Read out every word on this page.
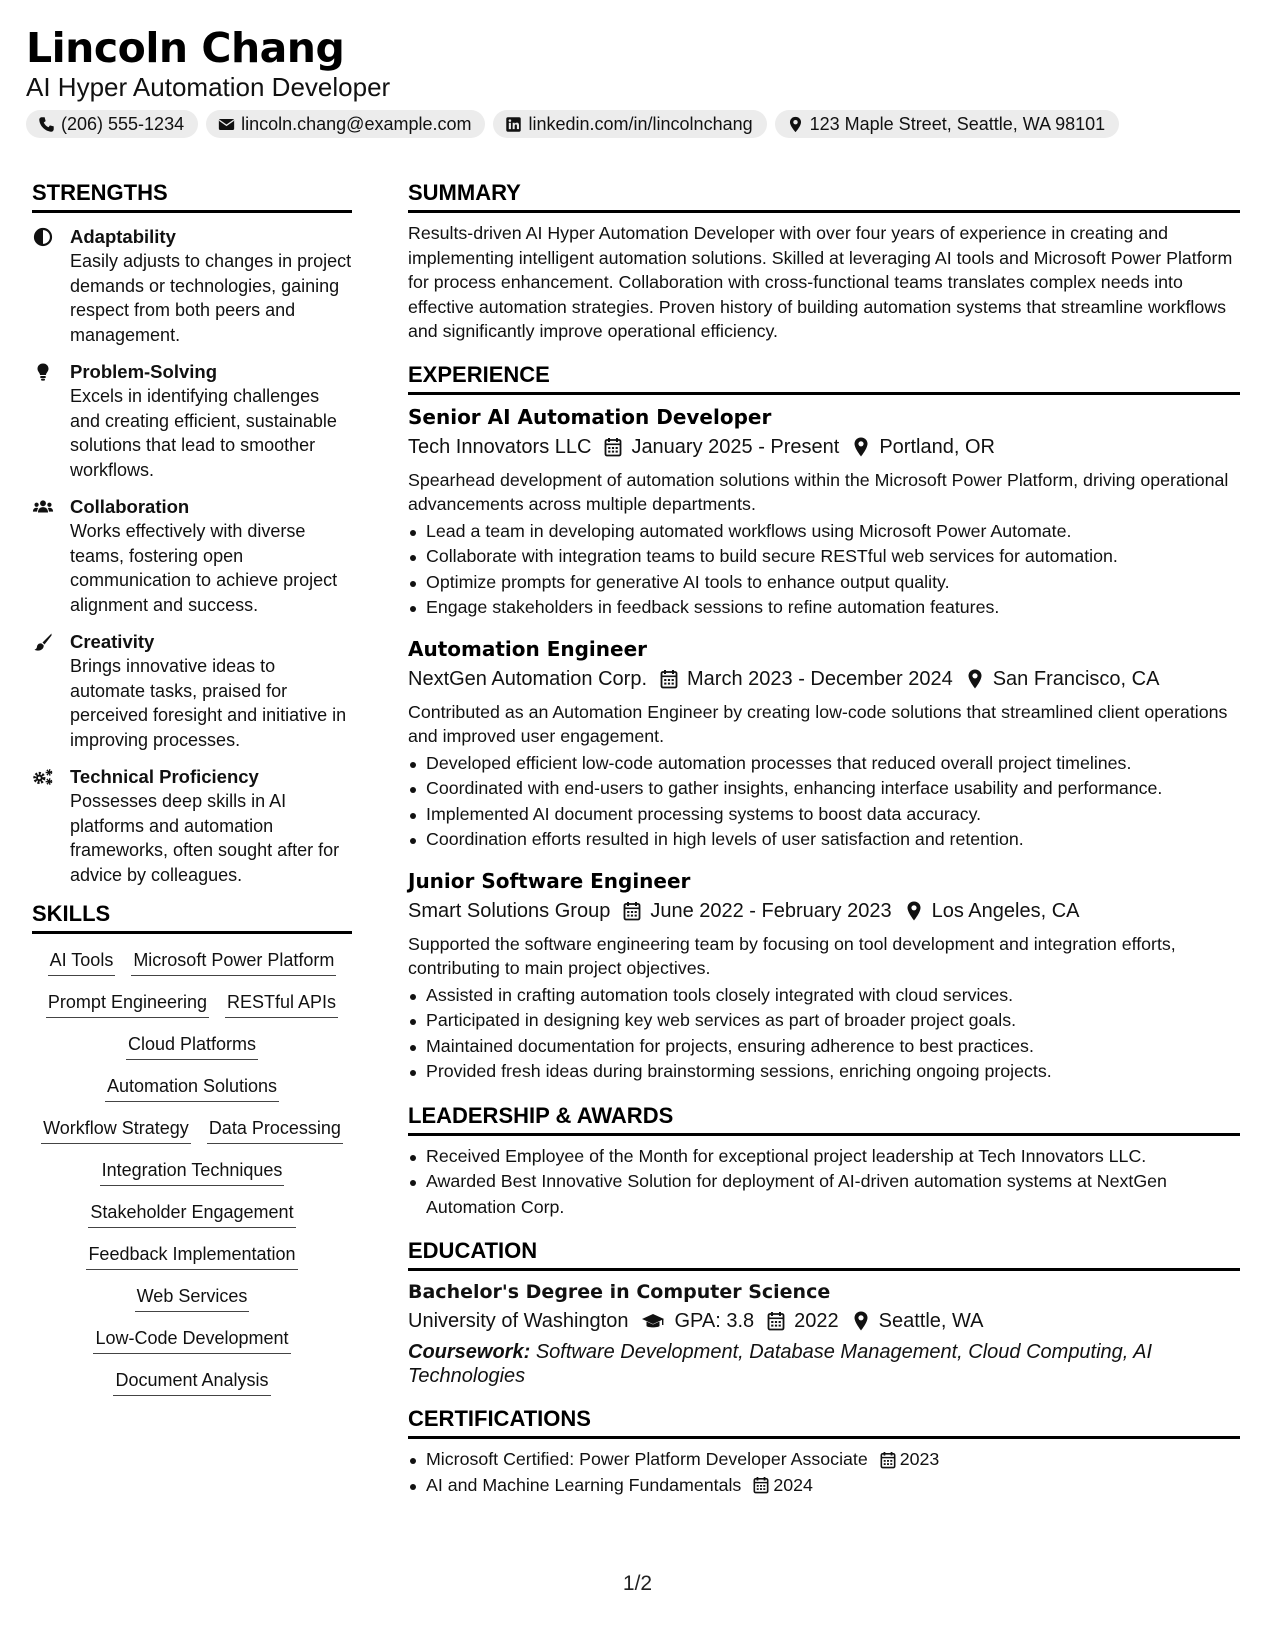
Lincoln Chang
AI Hyper Automation Developer
(206) 555-1234	lincoln.chang@example.com	linkedin.com/in/lincolnchang	123 Maple Street, Seattle, WA 98101
STRENGTHS
Adaptability
Easily adjusts to changes in project demands or technologies, gaining respect from both peers and management.
Problem-Solving
Excels in identifying challenges and creating efficient, sustainable solutions that lead to smoother workflows.
Collaboration
Works effectively with diverse teams, fostering open communication to achieve project alignment and success.
Creativity
Brings innovative ideas to automate tasks, praised for perceived foresight and initiative in improving processes.
Technical Proficiency
Possesses deep skills in AI platforms and automation frameworks, often sought after for advice by colleagues.
SKILLS
AI Tools Microsoft Power Platform
Prompt Engineering RESTful APIs
Cloud Platforms
Automation Solutions
Workflow Strategy Data Processing
Integration Techniques
Stakeholder Engagement
Feedback Implementation
Web Services
Low-Code Development
Document Analysis
SUMMARY
Results-driven AI Hyper Automation Developer with over four years of experience in creating and implementing intelligent automation solutions. Skilled at leveraging AI tools and Microsoft Power Platform for process enhancement. Collaboration with cross-functional teams translates complex needs into effective automation strategies. Proven history of building automation systems that streamline workflows and significantly improve operational efficiency.
EXPERIENCE
Senior AI Automation Developer
Tech Innovators LLC January 2025 - Present Portland, OR
Spearhead development of automation solutions within the Microsoft Power Platform, driving operational advancements across multiple departments.
Lead a team in developing automated workflows using Microsoft Power Automate.
Collaborate with integration teams to build secure RESTful web services for automation.
Optimize prompts for generative AI tools to enhance output quality.
Engage stakeholders in feedback sessions to refine automation features.
Automation Engineer
NextGen Automation Corp. March 2023 - December 2024 San Francisco, CA
Contributed as an Automation Engineer by creating low-code solutions that streamlined client operations and improved user engagement.
Developed efficient low-code automation processes that reduced overall project timelines.
Coordinated with end-users to gather insights, enhancing interface usability and performance.
Implemented AI document processing systems to boost data accuracy.
Coordination efforts resulted in high levels of user satisfaction and retention.
Junior Software Engineer
Smart Solutions Group June 2022 - February 2023 Los Angeles, CA
Supported the software engineering team by focusing on tool development and integration efforts, contributing to main project objectives.
Assisted in crafting automation tools closely integrated with cloud services.
Participated in designing key web services as part of broader project goals.
Maintained documentation for projects, ensuring adherence to best practices.
Provided fresh ideas during brainstorming sessions, enriching ongoing projects.
LEADERSHIP & AWARDS
Received Employee of the Month for exceptional project leadership at Tech Innovators LLC.
Awarded Best Innovative Solution for deployment of AI-driven automation systems at NextGen Automation Corp.
EDUCATION
Bachelor's Degree in Computer Science
University of Washington GPA: 3.8 2022 Seattle, WA
Coursework: Software Development, Database Management, Cloud Computing, AI Technologies
CERTIFICATIONS
Microsoft Certified: Power Platform Developer Associate 2023
AI and Machine Learning Fundamentals 2024
1/2
